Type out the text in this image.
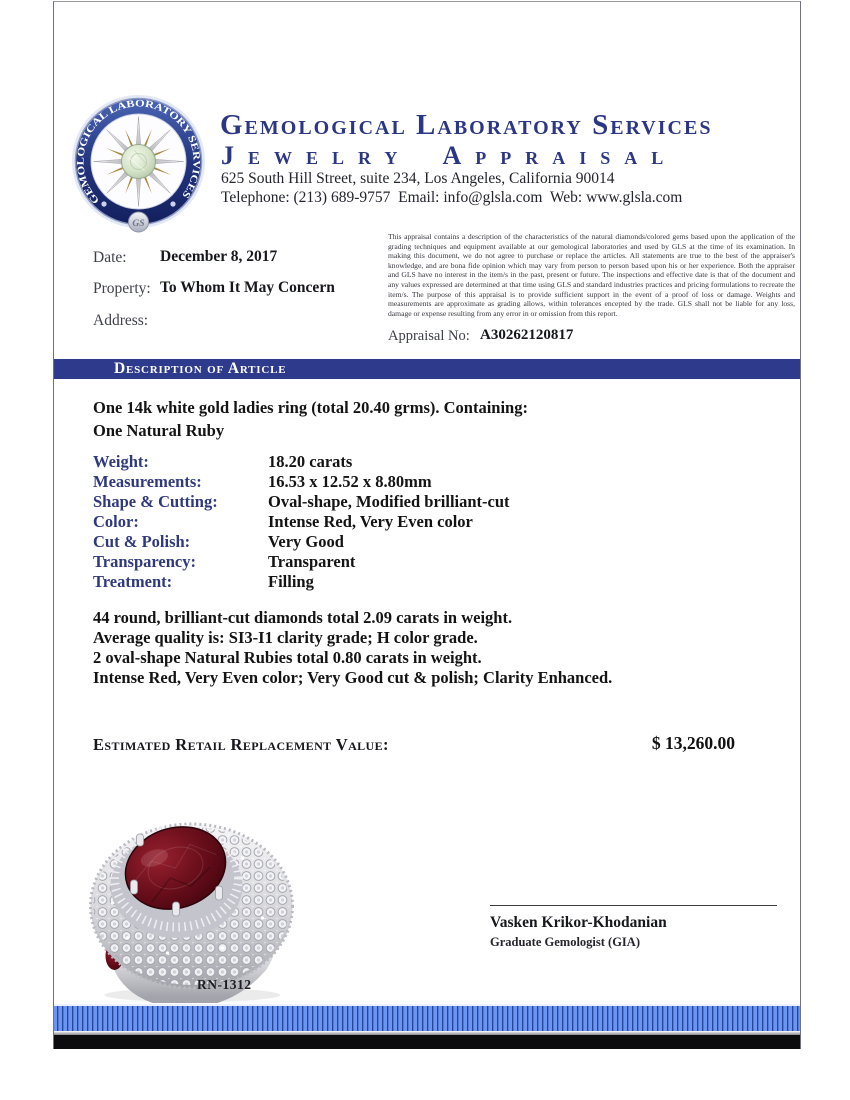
GEMOLOGICAL LABORATORY SERVICES
GS
Gemological Laboratory Services
Jewelry Appraisal
625 South Hill Street, suite 234, Los Angeles, California 90014
Telephone: (213) 689-9757  Email: info@glsla.com  Web: www.glsla.com
Date:	December 8, 2017
Property: To Whom It May Concern
Address:
This appraisal contains a description of the characteristics of the natural diamonds/colored gems based upon the application of the grading techniques and equipment available at our gemological laboratories and used by GLS at the time of its examination. In making this document, we do not agree to purchase or replace the articles. All statements are true to the best of the appraiser's knowledge, and are bona fide opinion which may vary from person to person based upon his or her experience. Both the appraiser and GLS have no interest in the item/s in the past, present or future. The inspections and effective date is that of the document and any values expressed are determined at that time using GLS and standard industries practices and pricing formulations to recreate the item/s. The purpose of this appraisal is to provide sufficient support in the event of a proof of loss or damage. Weights and measurements are approximate as grading allows, within tolerances encepted by the trade. GLS shall not be liable for any loss, damage or expense resulting from any error in or omission from this report.
Appraisal No: A30262120817
Description of Article
One 14k white gold ladies ring (total 20.40 grms). Containing:
One Natural Ruby
Weight:	18.20 carats
Measurements:	16.53 x 12.52 x 8.80mm
Shape & Cutting:	Oval-shape, Modified brilliant-cut
Color:	Intense Red, Very Even color
Cut & Polish:	Very Good
Transparency:	Transparent
Treatment:	Filling
44 round, brilliant-cut diamonds total 2.09 carats in weight.
Average quality is: SI3-I1 clarity grade; H color grade.
2 oval-shape Natural Rubies total 0.80 carats in weight.
Intense Red, Very Even color; Very Good cut & polish; Clarity Enhanced.
Estimated Retail Replacement Value:	$ 13,260.00
RN-1312
Vasken Krikor-Khodanian
Graduate Gemologist (GIA)
